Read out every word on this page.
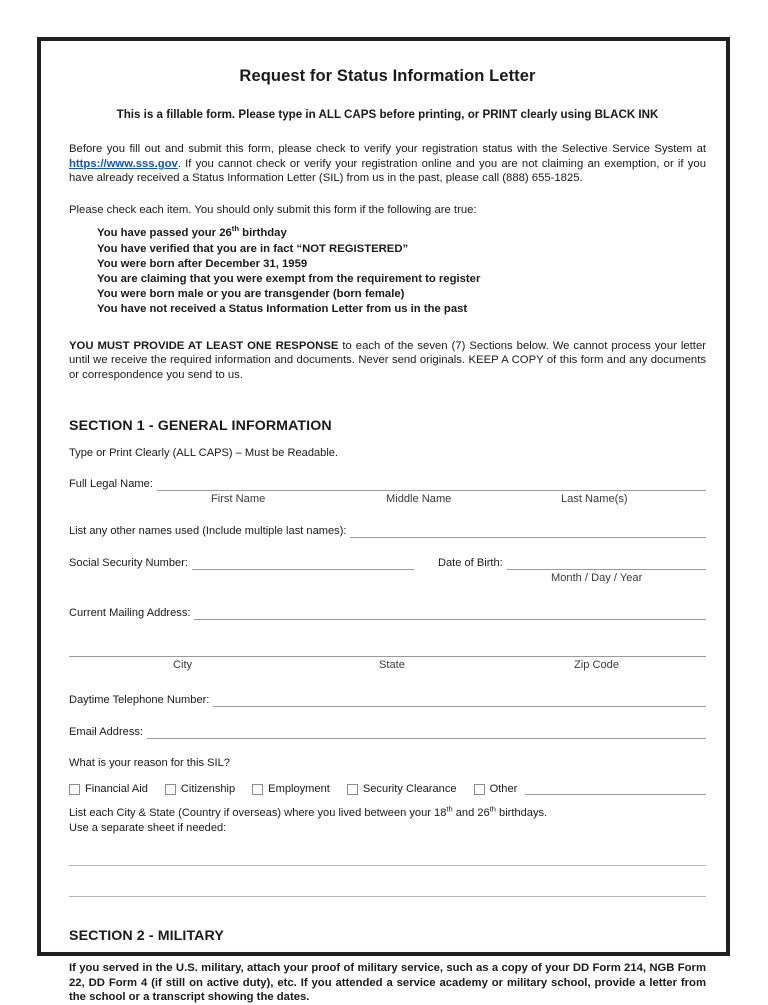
Request for Status Information Letter

This is a fillable form. Please type in ALL CAPS before printing, or PRINT clearly using BLACK INK

Before you fill out and submit this form, please check to verify your registration status with the Selective Service System at https://www.sss.gov. If you cannot check or verify your registration online and you are not claiming an exemption, or if you have already received a Status Information Letter (SIL) from us in the past, please call (888) 655-1825.

Please check each item. You should only submit this form if the following are true:

You have passed your 26th birthday
You have verified that you are in fact “NOT REGISTERED”
You were born after December 31, 1959
You are claiming that you were exempt from the requirement to register
You were born male or you are transgender (born female)
You have not received a Status Information Letter from us in the past

YOU MUST PROVIDE AT LEAST ONE RESPONSE to each of the seven (7) Sections below. We cannot process your letter until we receive the required information and documents. Never send originals. KEEP A COPY of this form and any documents or correspondence you send to us.

SECTION 1 - GENERAL INFORMATION

Type or Print Clearly (ALL CAPS) – Must be Readable.

Full Legal Name:
First Name	Middle Name	Last Name(s)
List any other names used (Include multiple last names):
Social Security Number:	Date of Birth:
Month / Day / Year
Current Mailing Address:
City	State	Zip Code
Daytime Telephone Number:
Email Address:

What is your reason for this SIL?

Financial Aid	Citizenship	Employment	Security Clearance	Other
List each City & State (Country if overseas) where you lived between your 18th and 26th birthdays.
Use a separate sheet if needed:
SECTION 2 - MILITARY

If you served in the U.S. military, attach your proof of military service, such as a copy of your DD Form 214, NGB Form 22, DD Form 4 (if still on active duty), etc. If you attended a service academy or military school, provide a letter from the school or a transcript showing the dates.
